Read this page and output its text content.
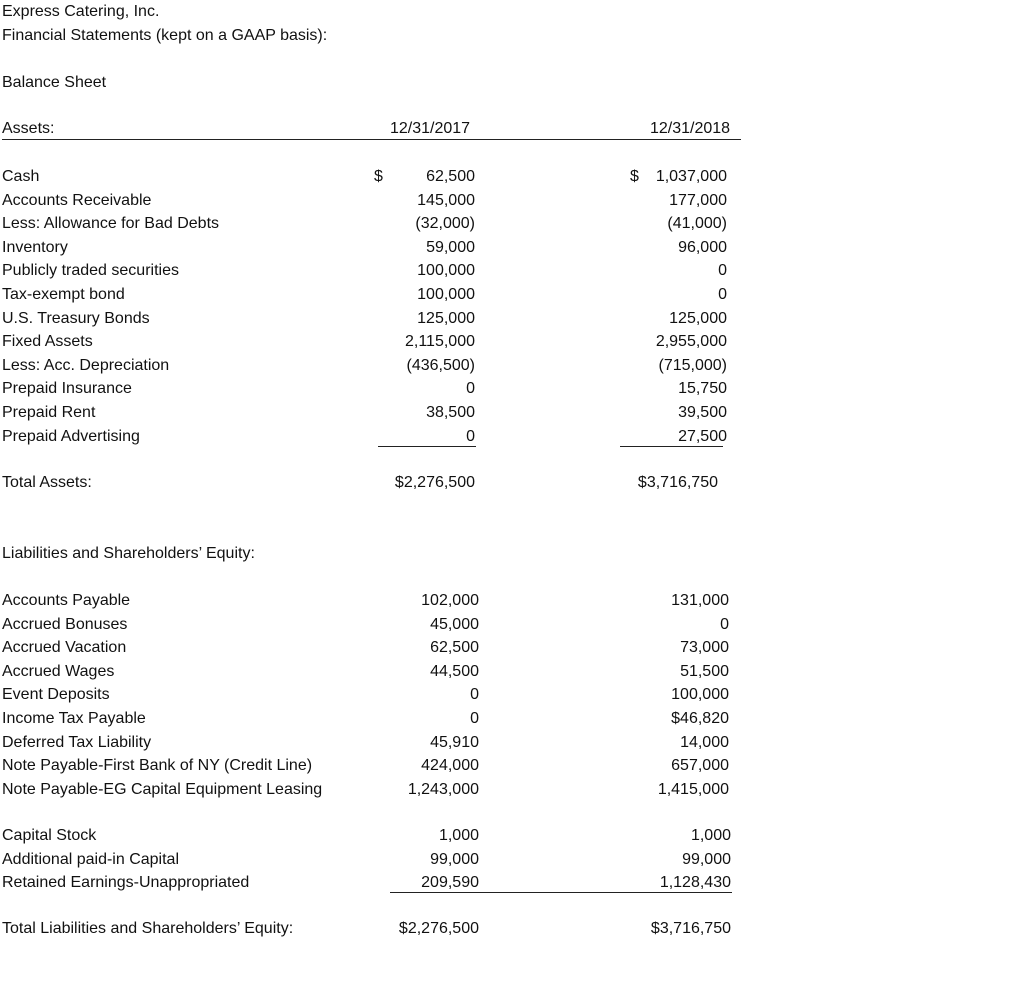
Express Catering, Inc.
Financial Statements (kept on a GAAP basis):
Balance Sheet
Assets:	12/31/2017	12/31/2018
Cash	62,500	1,037,000
Accounts Receivable	145,000	177,000
Less: Allowance for Bad Debts	(32,000)	(41,000)
Inventory	59,000	96,000
Publicly traded securities	100,000	0
Tax-exempt bond	100,000	0
U.S. Treasury Bonds	125,000	125,000
Fixed Assets	2,115,000	2,955,000
Less: Acc. Depreciation	(436,500)	(715,000)
Prepaid Insurance	0	15,750
Prepaid Rent	38,500	39,500
Prepaid Advertising	0	27,500
$	$
Total Assets:	$2,276,500	$3,716,750
Liabilities and Shareholders’ Equity:
Accounts Payable	102,000	131,000
Accrued Bonuses	45,000	0
Accrued Vacation	62,500	73,000
Accrued Wages	44,500	51,500
Event Deposits	0	100,000
Income Tax Payable	0	$46,820
Deferred Tax Liability	45,910	14,000
Note Payable-First Bank of NY (Credit Line)	424,000	657,000
Note Payable-EG Capital Equipment Leasing	1,243,000	1,415,000
Capital Stock	1,000	1,000
Additional paid-in Capital	99,000	99,000
Retained Earnings-Unappropriated	209,590	1,128,430
Total Liabilities and Shareholders’ Equity:	$2,276,500	$3,716,750
